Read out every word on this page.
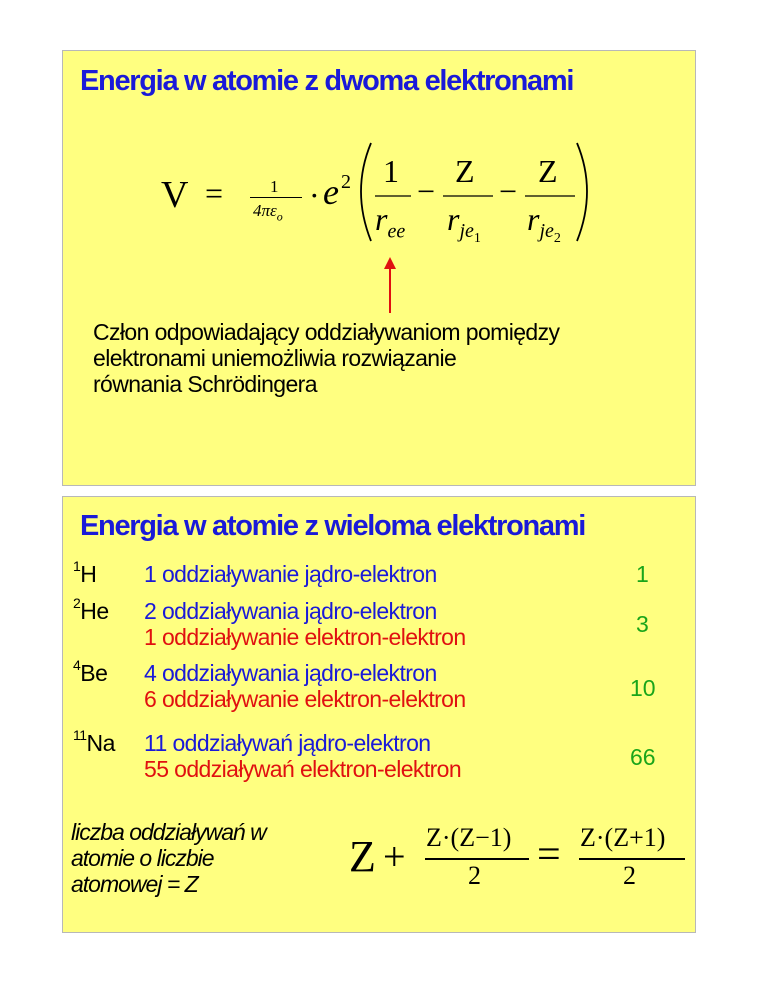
Energia w atomie z dwoma elektronami
V =	1
$4\pi\varepsilon_o$
· e 2 1
$r_{ee}$
−
Z
$r_{je_1}$
−
Z
$r_{je_2}$
Człon odpowiadający oddziaływaniom pomiędzy
elektronami uniemożliwia rozwiązanie
równania Schrödingera
Energia w atomie z wieloma elektronami
$^1$H 1 oddziaływanie jądro-elektron	1
$^2$He 2 oddziaływania jądro-elektron
1 oddziaływanie elektron-elektron	3
$^4$Be 4 oddziaływania jądro-elektron
6 oddziaływanie elektron-elektron	10
$^{11}$Na 11 oddziaływań jądro-elektron
55 oddziaływań elektron-elektron	66
liczba oddziaływań w
atomie o liczbie
atomowej = Z
Z + Z·(Z−1)
2 = Z·(Z+1)
2
